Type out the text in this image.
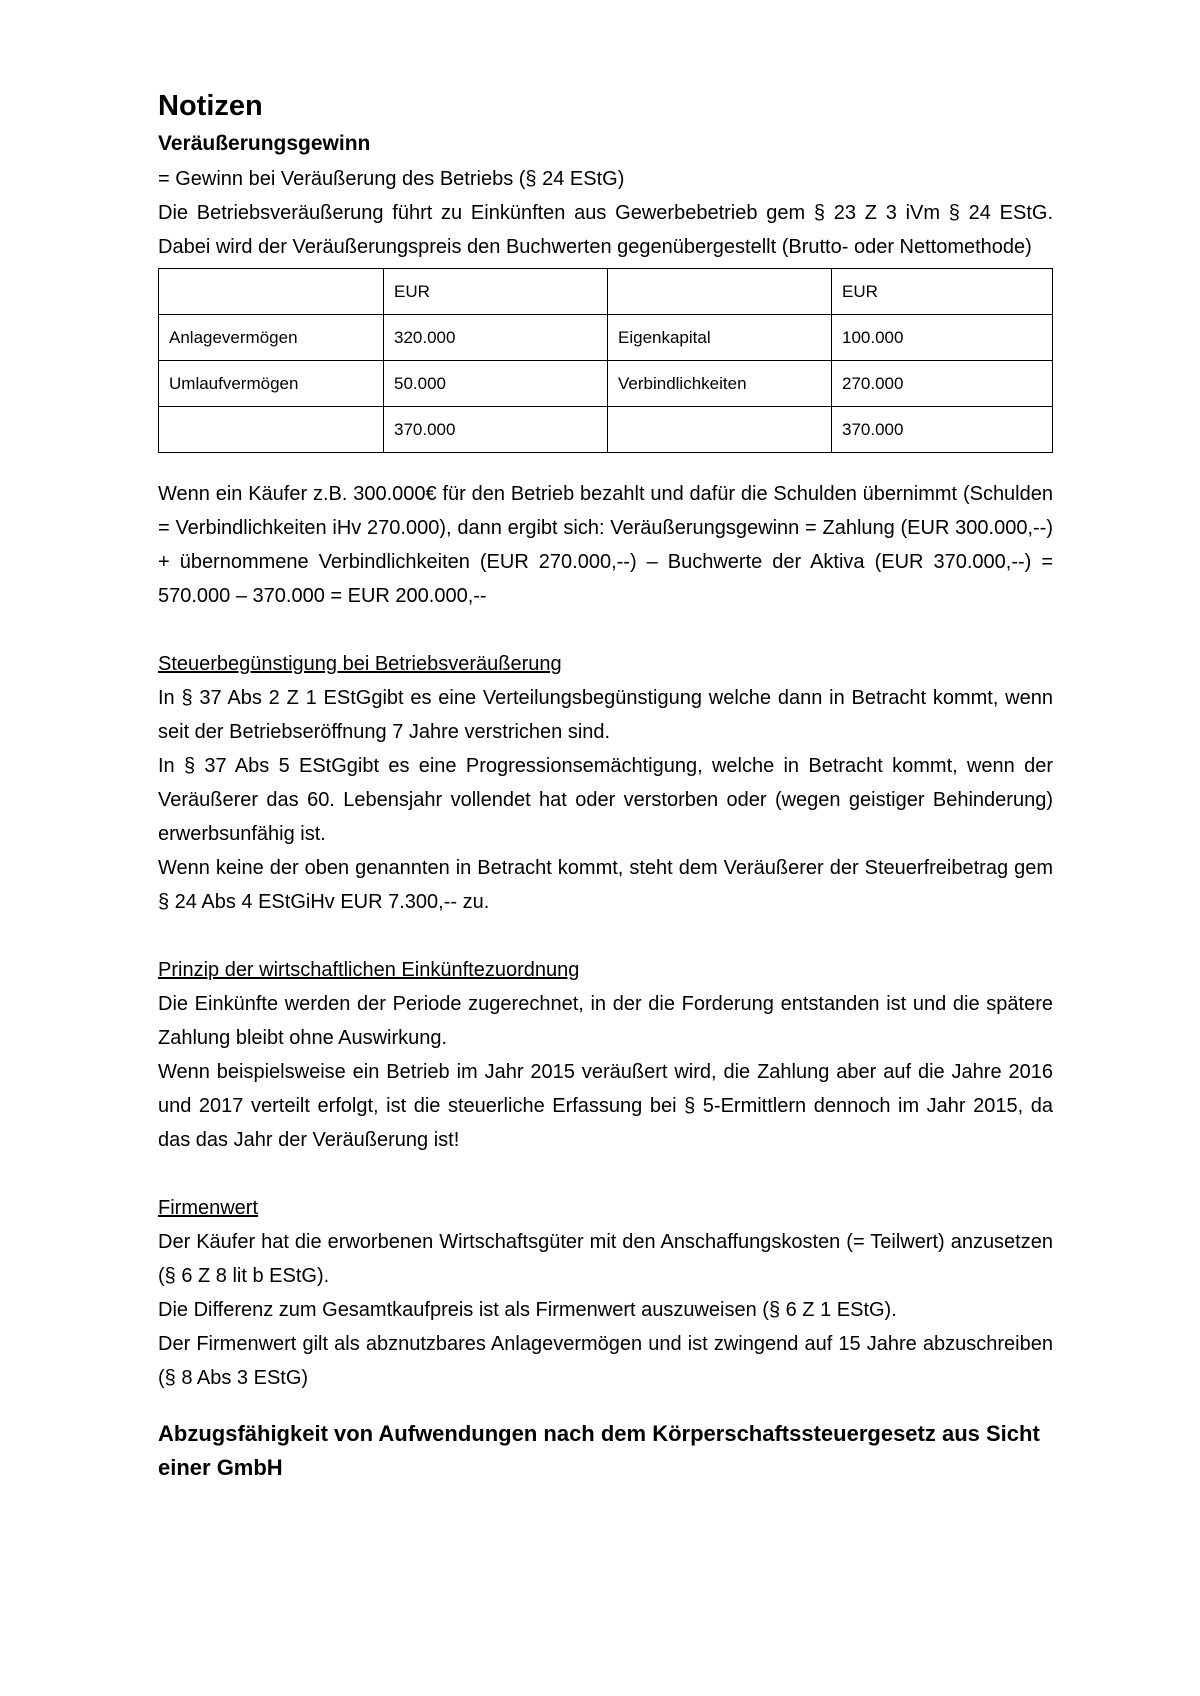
Notizen

Veräußerungsgewinn

= Gewinn bei Veräußerung des Betriebs (§ 24 EStG)

Die Betriebsveräußerung führt zu Einkünften aus Gewerbebetrieb gem § 23 Z 3 iVm § 24 EStG. Dabei wird der Veräußerungspreis den Buchwerten gegenübergestellt (Brutto- oder Nettomethode)

	EUR		EUR
Anlagevermögen	320.000	Eigenkapital	100.000
Umlaufvermögen	50.000	Verbindlichkeiten	270.000
	370.000		370.000

Wenn ein Käufer z.B. 300.000€ für den Betrieb bezahlt und dafür die Schulden übernimmt (Schulden = Verbindlichkeiten iHv 270.000), dann ergibt sich: Veräußerungsgewinn = Zahlung (EUR 300.000,--) + übernommene Verbindlichkeiten (EUR 270.000,--) – Buchwerte der Aktiva (EUR 370.000,--) = 570.000 – 370.000 = EUR 200.000,--

Steuerbegünstigung bei Betriebsveräußerung

In § 37 Abs 2 Z 1 EStGgibt es eine Verteilungsbegünstigung welche dann in Betracht kommt, wenn seit der Betriebseröffnung 7 Jahre verstrichen sind.

In § 37 Abs 5 EStGgibt es eine Progressionsemächtigung, welche in Betracht kommt, wenn der Veräußerer das 60. Lebensjahr vollendet hat oder verstorben oder (wegen geistiger Behinderung) erwerbsunfähig ist.

Wenn keine der oben genannten in Betracht kommt, steht dem Veräußerer der Steuerfreibetrag gem § 24 Abs 4 EStGiHv EUR 7.300,-- zu.

Prinzip der wirtschaftlichen Einkünftezuordnung

Die Einkünfte werden der Periode zugerechnet, in der die Forderung entstanden ist und die spätere Zahlung bleibt ohne Auswirkung.

Wenn beispielsweise ein Betrieb im Jahr 2015 veräußert wird, die Zahlung aber auf die Jahre 2016 und 2017 verteilt erfolgt, ist die steuerliche Erfassung bei § 5-Ermittlern dennoch im Jahr 2015, da das das Jahr der Veräußerung ist!

Firmenwert

Der Käufer hat die erworbenen Wirtschaftsgüter mit den Anschaffungskosten (= Teilwert) anzusetzen (§ 6 Z 8 lit b EStG).

Die Differenz zum Gesamtkaufpreis ist als Firmenwert auszuweisen (§ 6 Z 1 EStG).

Der Firmenwert gilt als abznutzbares Anlagevermögen und ist zwingend auf 15 Jahre abzuschreiben (§ 8 Abs 3 EStG)

Abzugsfähigkeit von Aufwendungen nach dem Körperschaftssteuergesetz aus Sicht einer GmbH
